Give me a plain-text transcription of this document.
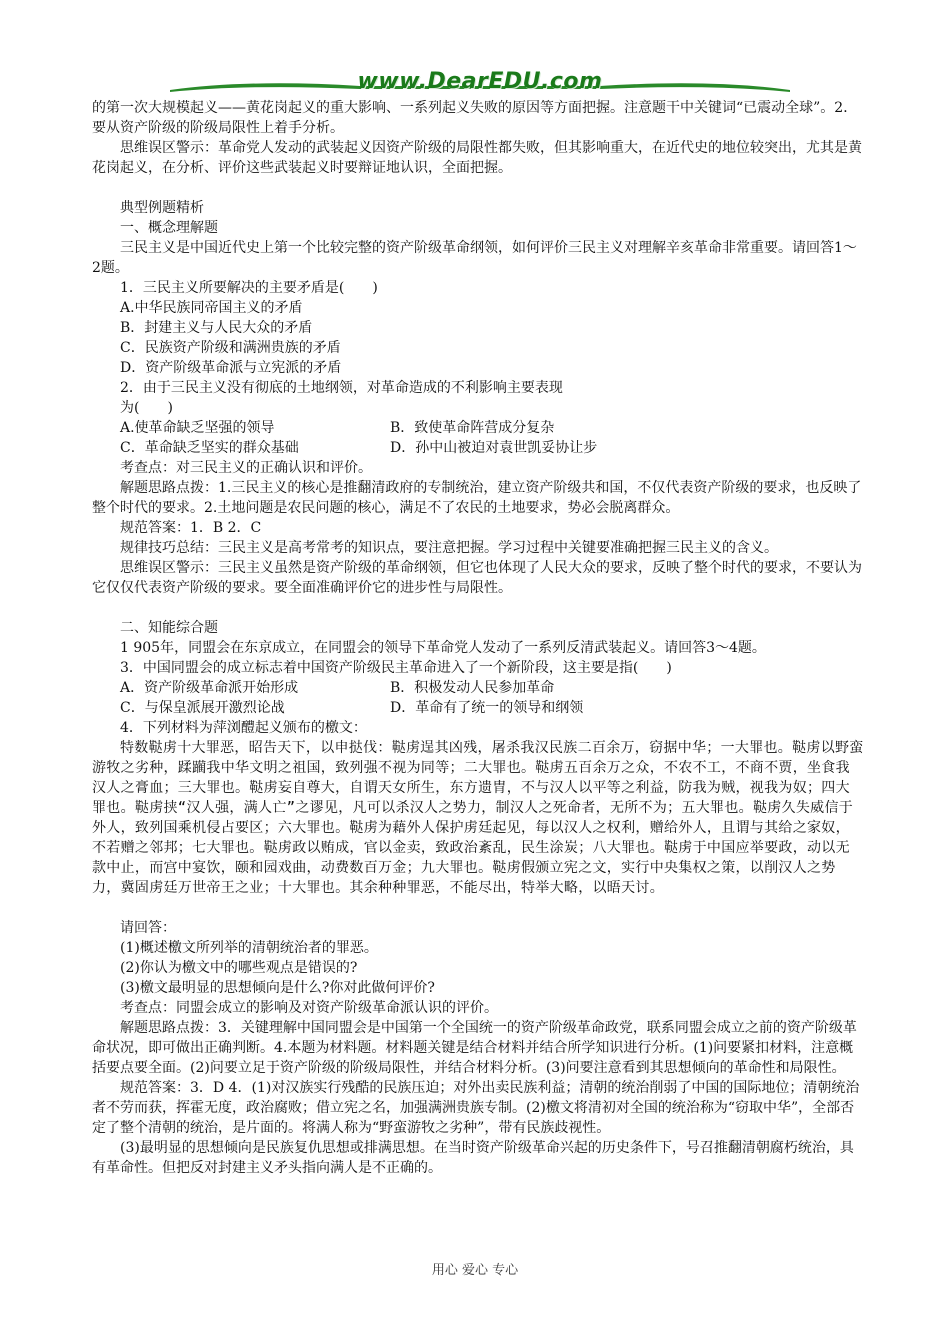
www.DearEDU.com

的第一次大规模起义——黄花岗起义的重大影响、一系列起义失败的原因等方面把握。注意题干中关键词“已震动全球”。2．要从资产阶级的阶级局限性上着手分析。

思维误区警示：革命党人发动的武装起义因资产阶级的局限性都失败，但其影响重大，在近代史的地位较突出，尤其是黄花岗起义，在分析、评价这些武装起义时要辩证地认识，全面把握。

典型例题精析

一、概念理解题

三民主义是中国近代史上第一个比较完整的资产阶级革命纲领，如何评价三民主义对理解辛亥革命非常重要。请回答1～2题。

1．三民主义所要解决的主要矛盾是(　　)

A.中华民族同帝国主义的矛盾

B．封建主义与人民大众的矛盾

C．民族资产阶级和满洲贵族的矛盾

D．资产阶级革命派与立宪派的矛盾

2．由于三民主义没有彻底的土地纲领，对革命造成的不利影响主要表现

为(　　)

A.使革命缺乏坚强的领导	B．致使革命阵营成分复杂
C．革命缺乏坚实的群众基础	D．孙中山被迫对袁世凯妥协让步

考查点：对三民主义的正确认识和评价。

解题思路点拨：1.三民主义的核心是推翻清政府的专制统治，建立资产阶级共和国，不仅代表资产阶级的要求，也反映了整个时代的要求。2.土地问题是农民问题的核心，满足不了农民的土地要求，势必会脱离群众。

规范答案：1．B 2．C

规律技巧总结：三民主义是高考常考的知识点，要注意把握。学习过程中关键要准确把握三民主义的含义。

思维误区警示：三民主义虽然是资产阶级的革命纲领，但它也体现了人民大众的要求，反映了整个时代的要求，不要认为它仅仅代表资产阶级的要求。要全面准确评价它的进步性与局限性。

二、知能综合题

1 905年，同盟会在东京成立，在同盟会的领导下革命党人发动了一系列反清武装起义。请回答3～4题。

3．中国同盟会的成立标志着中国资产阶级民主革命进入了一个新阶段，这主要是指(　　)

A．资产阶级革命派开始形成	B．积极发动人民参加革命
C．与保皇派展开激烈论战	D．革命有了统一的领导和纲领

4．下列材料为萍浏醴起义颁布的檄文：

特数鞑虏十大罪恶，昭告天下，以申挞伐：鞑虏逞其凶残，屠杀我汉民族二百余万，窃据中华；一大罪也。鞑虏以野蛮游牧之劣种，蹂躏我中华文明之祖国，致列强不视为同等；二大罪也。鞑虏五百余万之众，不农不工，不商不贾，坐食我汉人之膏血；三大罪也。鞑虏妄自尊大，自谓天女所生，东方遗胄，不与汉人以平等之利益，防我为贼，视我为奴；四大罪也。鞑虏挟“汉人强，满人亡”之谬见，凡可以杀汉人之势力，制汉人之死命者，无所不为；五大罪也。鞑虏久失威信于外人，致列国乘机侵占要区；六大罪也。鞑虏为藉外人保护虏廷起见，每以汉人之权利，赠给外人，且谓与其给之家奴，不若赠之邻邦；七大罪也。鞑虏政以贿成，官以金卖，致政治紊乱，民生涂炭；八大罪也。鞑虏于中国应举要政，动以无款中止，而宫中宴饮，颐和园戏曲，动费数百万金；九大罪也。鞑虏假颁立宪之文，实行中央集权之策，以削汉人之势力，冀固虏廷万世帝王之业；十大罪也。其余种种罪恶，不能尽出，特举大略，以晤天讨。

请回答：

(1)概述檄文所列举的清朝统治者的罪恶。

(2)你认为檄文中的哪些观点是错误的?

(3)檄文最明显的思想倾向是什么?你对此做何评价?

考查点：同盟会成立的影响及对资产阶级革命派认识的评价。

解题思路点拨：3．关键理解中国同盟会是中国第一个全国统一的资产阶级革命政党，联系同盟会成立之前的资产阶级革命状况，即可做出正确判断。4.本题为材料题。材料题关键是结合材料并结合所学知识进行分析。(1)问要紧扣材料，注意概括要点要全面。(2)问要立足于资产阶级的阶级局限性，并结合材料分析。(3)问要注意看到其思想倾向的革命性和局限性。

规范答案：3．D 4．(1)对汉族实行残酷的民族压迫；对外出卖民族利益；清朝的统治削弱了中国的国际地位；清朝统治者不劳而获，挥霍无度，政治腐败；借立宪之名，加强满洲贵族专制。(2)檄文将清初对全国的统治称为“窃取中华”，全部否定了整个清朝的统治，是片面的。将满人称为“野蛮游牧之劣种”，带有民族歧视性。

(3)最明显的思想倾向是民族复仇思想或排满思想。在当时资产阶级革命兴起的历史条件下，号召推翻清朝腐朽统治，具有革命性。但把反对封建主义矛头指向满人是不正确的。

用心 爱心 专心
